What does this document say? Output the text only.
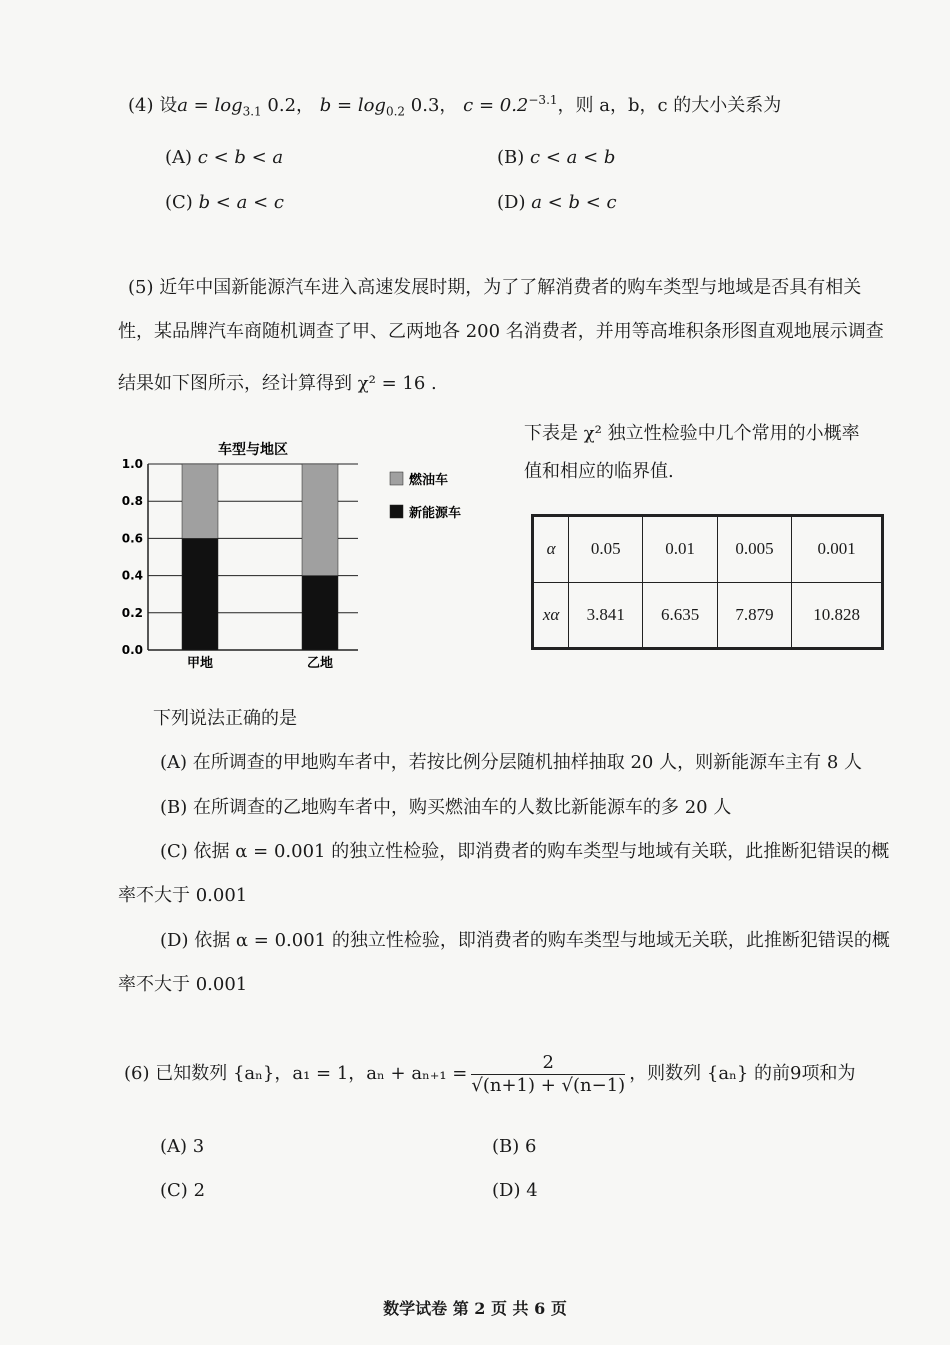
(4) 设$a = \log_{3.1} 0.2$， $b = \log_{0.2} 0.3$， $c = 0.2^{-3.1}$，则 a，b，c 的大小关系为
(A) c < b < a	(B) c < a < b
(C) b < a < c	(D) a < b < c
(5) 近年中国新能源汽车进入高速发展时期，为了了解消费者的购车类型与地域是否具有相关
性，某品牌汽车商随机调查了甲、乙两地各 200 名消费者，并用等高堆积条形图直观地展示调查
结果如下图所示，经计算得到 χ² = 16 .
下表是 χ² 独立性检验中几个常用的小概率
值和相应的临界值.
车型与地区
0.0
0.2
0.4
0.6
0.8
1.0
甲地	乙地
燃油车
新能源车
α	0.05	0.01	0.005	0.001
xα	3.841	6.635	7.879	10.828
下列说法正确的是
(A) 在所调查的甲地购车者中，若按比例分层随机抽样抽取 20 人，则新能源车主有 8 人
(B) 在所调查的乙地购车者中，购买燃油车的人数比新能源车的多 20 人
(C) 依据 α = 0.001 的独立性检验，即消费者的购车类型与地域有关联，此推断犯错误的概
率不大于 0.001
(D) 依据 α = 0.001 的独立性检验，即消费者的购车类型与地域无关联，此推断犯错误的概
率不大于 0.001
(6) 已知数列 {aₙ}，a₁ = 1，$a_n + a_{n+1} = \frac{2}{√(n+1) + √(n-1)}$ ，则数列 {aₙ} 的前9项和为
(A) 3	(B) 6
(C) 2	(D) 4
数学试卷 第 2 页 共 6 页
